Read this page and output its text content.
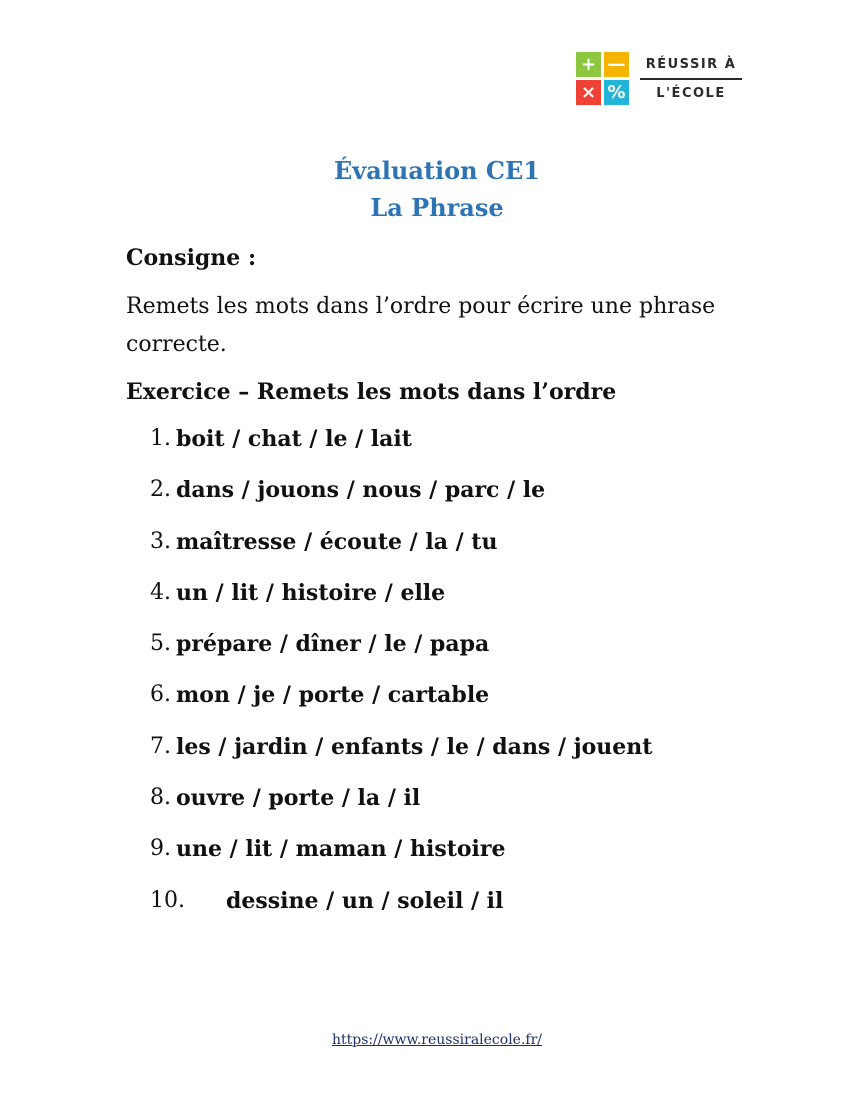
+ —
× %
RÉUSSIR À
L'ÉCOLE
Évaluation CE1
La Phrase

Consigne :

Remets les mots dans l’ordre pour écrire une phrase correcte.

Exercice – Remets les mots dans l’ordre

1. boit / chat / le / lait
2. dans / jouons / nous / parc / le
3. maîtresse / écoute / la / tu
4. un / lit / histoire / elle
5. prépare / dîner / le / papa
6. mon / je / porte / cartable
7. les / jardin / enfants / le / dans / jouent
8. ouvre / porte / la / il
9. une / lit / maman / histoire
10. dessine / un / soleil / il
https://www.reussiralecole.fr/
